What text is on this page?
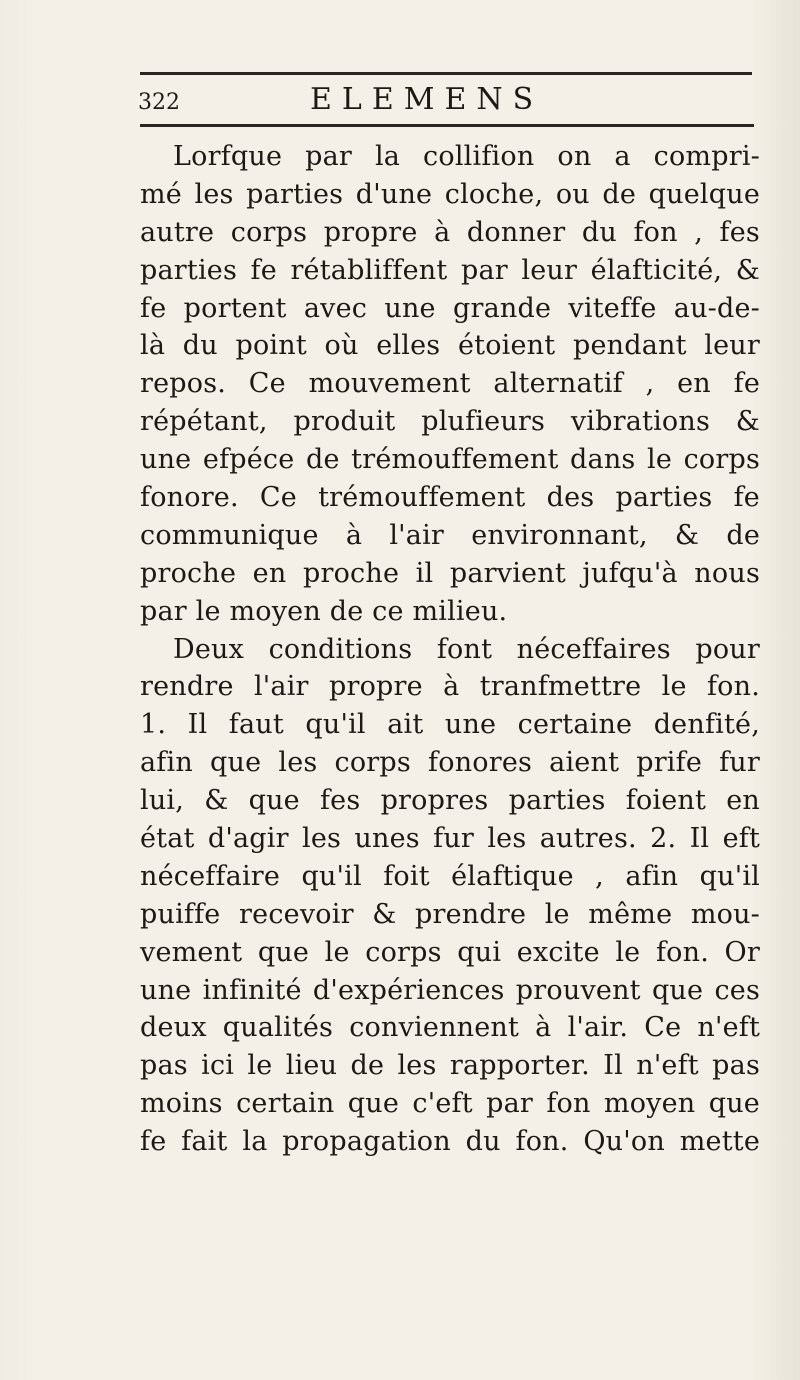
322	ELEMENS
Lorfque par la collifion on a compri-
mé les parties d'une cloche, ou de quelque
autre corps propre à donner du fon , fes
parties fe rétabliffent par leur élafticité, &
fe portent avec une grande viteffe au-de-
là du point où elles étoient pendant leur
repos. Ce mouvement alternatif , en fe
répétant, produit plufieurs vibrations &
une efpéce de trémouffement dans le corps
fonore. Ce trémouffement des parties fe
communique à l'air environnant, & de
proche en proche il parvient jufqu'à nous
par le moyen de ce milieu.
Deux conditions font néceffaires pour
rendre l'air propre à tranfmettre le fon.
1. Il faut qu'il ait une certaine denfité,
afin que les corps fonores aient prife fur
lui, & que fes propres parties foient en
état d'agir les unes fur les autres. 2. Il eft
néceffaire qu'il foit élaftique , afin qu'il
puiffe recevoir & prendre le même mou-
vement que le corps qui excite le fon. Or
une infinité d'expériences prouvent que ces
deux qualités conviennent à l'air. Ce n'eft
pas ici le lieu de les rapporter. Il n'eft pas
moins certain que c'eft par fon moyen que
fe fait la propagation du fon. Qu'on mette
